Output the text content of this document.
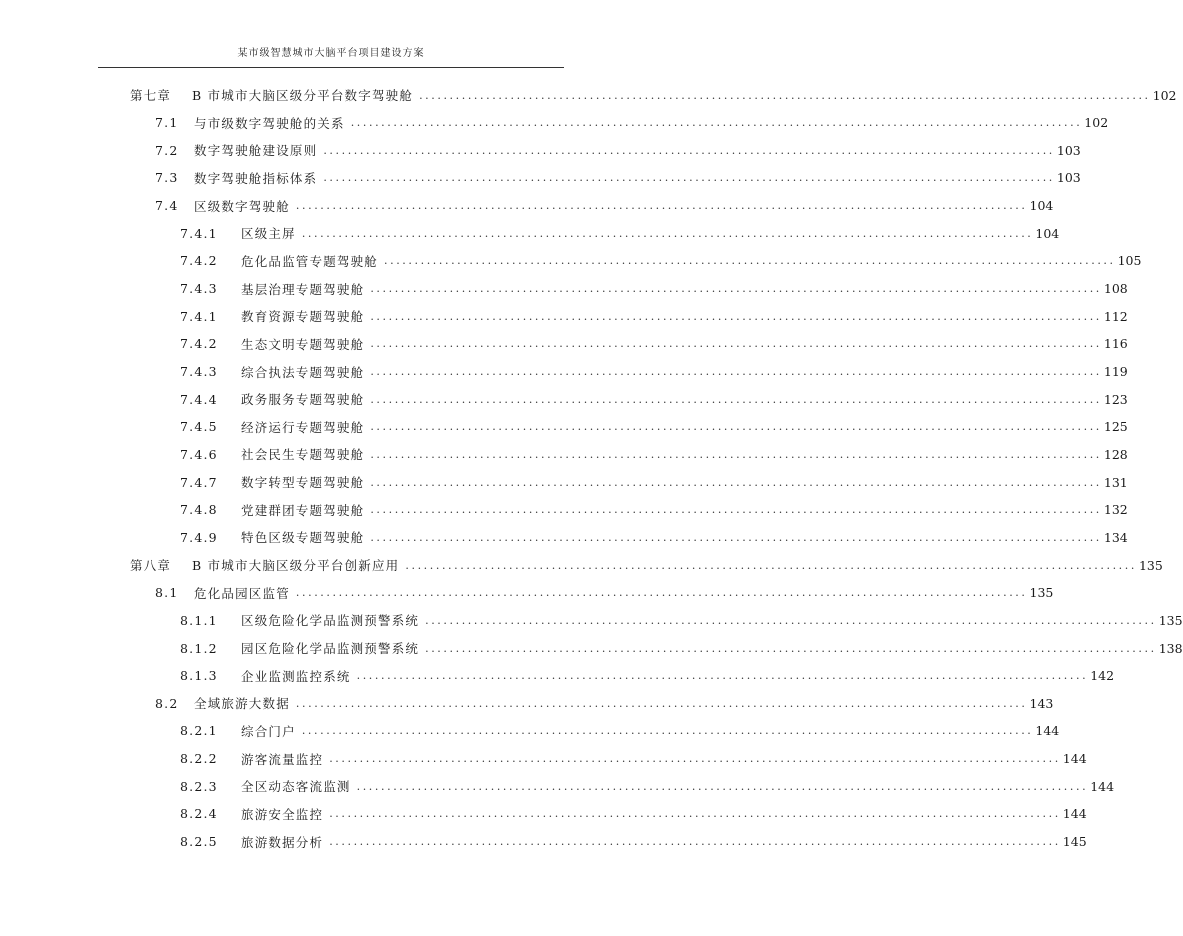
某市级智慧城市大脑平台项目建设方案
第七章	B 市城市大脑区级分平台数字驾驶舱 ........................................................................................................................ 102
7.1	与市级数字驾驶舱的关系 ........................................................................................................................ 102
7.2	数字驾驶舱建设原则 ........................................................................................................................ 103
7.3	数字驾驶舱指标体系 ........................................................................................................................ 103
7.4	区级数字驾驶舱 ........................................................................................................................ 104
7.4.1	区级主屏 ........................................................................................................................ 104
7.4.2	危化品监管专题驾驶舱 ........................................................................................................................ 105
7.4.3	基层治理专题驾驶舱 ........................................................................................................................ 108
7.4.1	教育资源专题驾驶舱 ........................................................................................................................ 112
7.4.2	生态文明专题驾驶舱 ........................................................................................................................ 116
7.4.3	综合执法专题驾驶舱 ........................................................................................................................ 119
7.4.4	政务服务专题驾驶舱 ........................................................................................................................ 123
7.4.5	经济运行专题驾驶舱 ........................................................................................................................ 125
7.4.6	社会民生专题驾驶舱 ........................................................................................................................ 128
7.4.7	数字转型专题驾驶舱 ........................................................................................................................ 131
7.4.8	党建群团专题驾驶舱 ........................................................................................................................ 132
7.4.9	特色区级专题驾驶舱 ........................................................................................................................ 134
第八章	B 市城市大脑区级分平台创新应用 ........................................................................................................................ 135
8.1	危化品园区监管 ........................................................................................................................ 135
8.1.1	区级危险化学品监测预警系统 ........................................................................................................................ 135
8.1.2	园区危险化学品监测预警系统 ........................................................................................................................ 138
8.1.3	企业监测监控系统 ........................................................................................................................ 142
8.2	全域旅游大数据 ........................................................................................................................ 143
8.2.1	综合门户 ........................................................................................................................ 144
8.2.2	游客流量监控 ........................................................................................................................ 144
8.2.3	全区动态客流监测 ........................................................................................................................ 144
8.2.4	旅游安全监控 ........................................................................................................................ 144
8.2.5	旅游数据分析 ........................................................................................................................ 145
